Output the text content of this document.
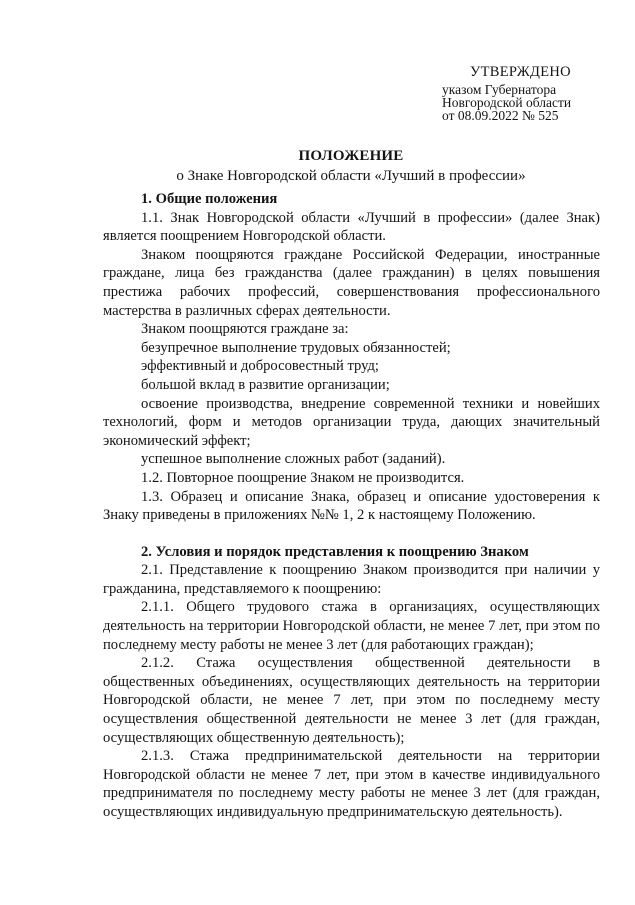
УТВЕРЖДЕНО
указом Губернатора
Новгородской области
от 08.09.2022 № 525
ПОЛОЖЕНИЕ
о Знаке Новгородской области «Лучший в профессии»
1. Общие положения

1.1. Знак Новгородской области «Лучший в профессии» (далее Знак) является поощрением Новгородской области.

Знаком поощряются граждане Российской Федерации, иностранные граждане, лица без гражданства (далее гражданин) в целях повышения престижа рабочих профессий, совершенствования профессионального мастерства в различных сферах деятельности.

Знаком поощряются граждане за:

безупречное выполнение трудовых обязанностей;

эффективный и добросовестный труд;

большой вклад в развитие организации;

освоение производства, внедрение современной техники и новейших технологий, форм и методов организации труда, дающих значительный экономический эффект;

успешное выполнение сложных работ (заданий).

1.2. Повторное поощрение Знаком не производится.

1.3. Образец и описание Знака, образец и описание удостоверения к Знаку приведены в приложениях №№ 1, 2 к настоящему Положению.

2. Условия и порядок представления к поощрению Знаком

2.1. Представление к поощрению Знаком производится при наличии у гражданина, представляемого к поощрению:

2.1.1. Общего трудового стажа в организациях, осуществляющих деятельность на территории Новгородской области, не менее 7 лет, при этом по последнему месту работы не менее 3 лет (для работающих граждан);

2.1.2. Стажа осуществления общественной деятельности в общественных объединениях, осуществляющих деятельность на территории Новгородской области, не менее 7 лет, при этом по последнему месту осуществления общественной деятельности не менее 3 лет (для граждан, осуществляющих общественную деятельность);

2.1.3. Стажа предпринимательской деятельности на территории Новгородской области не менее 7 лет, при этом в качестве индивидуального предпринимателя по последнему месту работы не менее 3 лет (для граждан, осуществляющих индивидуальную предпринимательскую деятельность).
